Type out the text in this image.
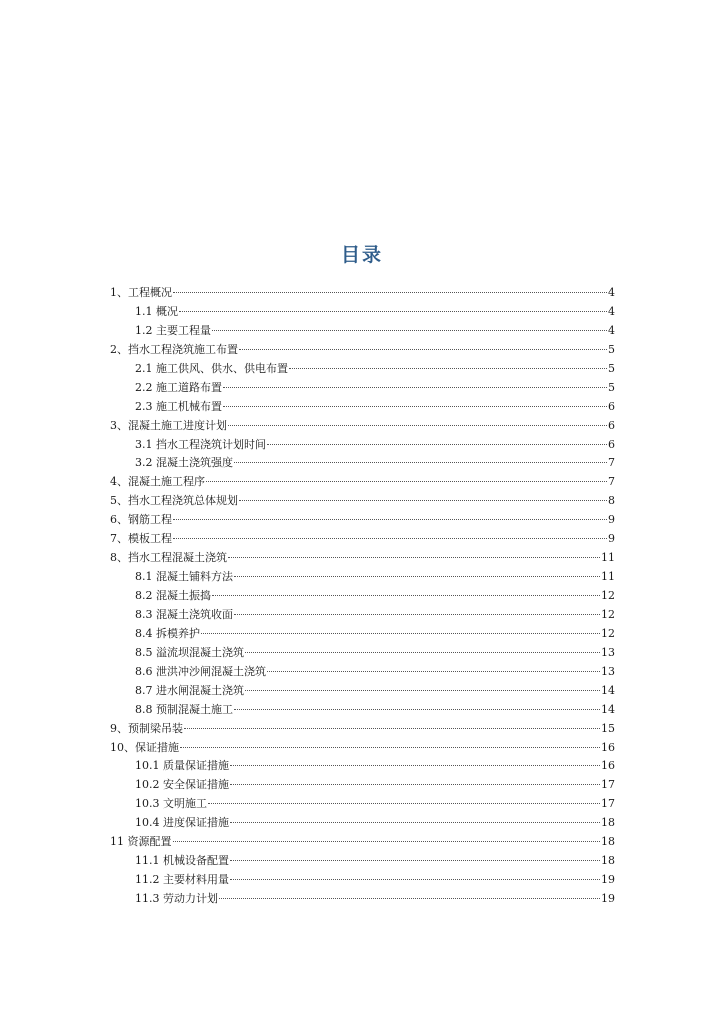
目录
1、工程概况	4
1.1 概况	4
1.2 主要工程量	4
2、挡水工程浇筑施工布置	5
2.1 施工供风、供水、供电布置	5
2.2 施工道路布置	5
2.3 施工机械布置	6
3、混凝土施工进度计划	6
3.1 挡水工程浇筑计划时间	6
3.2 混凝土浇筑强度	7
4、混凝土施工程序	7
5、挡水工程浇筑总体规划	8
6、钢筋工程	9
7、模板工程	9
8、挡水工程混凝土浇筑	11
8.1 混凝土铺料方法	11
8.2 混凝土振捣	12
8.3 混凝土浇筑收面	12
8.4 拆模养护	12
8.5 溢流坝混凝土浇筑	13
8.6 泄洪冲沙闸混凝土浇筑	13
8.7 进水闸混凝土浇筑	14
8.8 预制混凝土施工	14
9、预制梁吊装	15
10、保证措施	16
10.1 质量保证措施	16
10.2 安全保证措施	17
10.3 文明施工	17
10.4 进度保证措施	18
11 资源配置	18
11.1 机械设备配置	18
11.2 主要材料用量	19
11.3 劳动力计划	19
